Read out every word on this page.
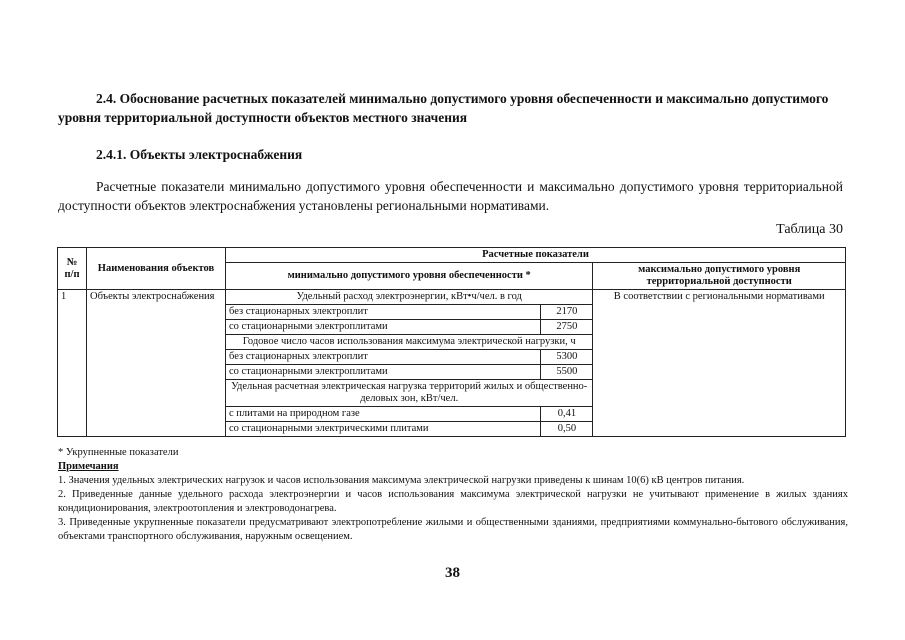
2.4. Обоснование расчетных показателей минимально допустимого уровня обеспеченности и максимально допустимого уровня территориальной доступности объектов местного значения
2.4.1. Объекты электроснабжения
Расчетные показатели минимально допустимого уровня обеспеченности и максимально допустимого уровня территориальной доступности объектов электроснабжения установлены региональными нормативами.
Таблица 30
№ п/п	Наименования объектов	Расчетные показатели		
		минимально допустимого уровня обеспеченности *		максимально допустимого уровня территориальной доступности
1	Объекты электроснабжения	Удельный расход электроэнергии, кВт•ч/чел. в год		В соответствии с региональными нормативами
		без стационарных электроплит	2170	
		со стационарными электроплитами	2750	
		Годовое число часов использования максимума электрической нагрузки, ч		
		без стационарных электроплит	5300	
		со стационарными электроплитами	5500	
		Удельная расчетная электрическая нагрузка территорий жилых и общественно-деловых зон, кВт/чел.		
		с плитами на природном газе	0,41	
		со стационарными электрическими плитами	0,50	
* Укрупненные показатели
Примечания
1. Значения удельных электрических нагрузок и часов использования максимума электрической нагрузки приведены к шинам 10(6) кВ центров питания.
2. Приведенные данные удельного расхода электроэнергии и часов использования максимума электрической нагрузки не учитывают применение в жилых зданиях кондиционирования, электроотопления и электроводонагрева.
3. Приведенные укрупненные показатели предусматривают электропотребление жилыми и общественными зданиями, предприятиями коммунально-бытового обслуживания, объектами транспортного обслуживания, наружным освещением.
38
